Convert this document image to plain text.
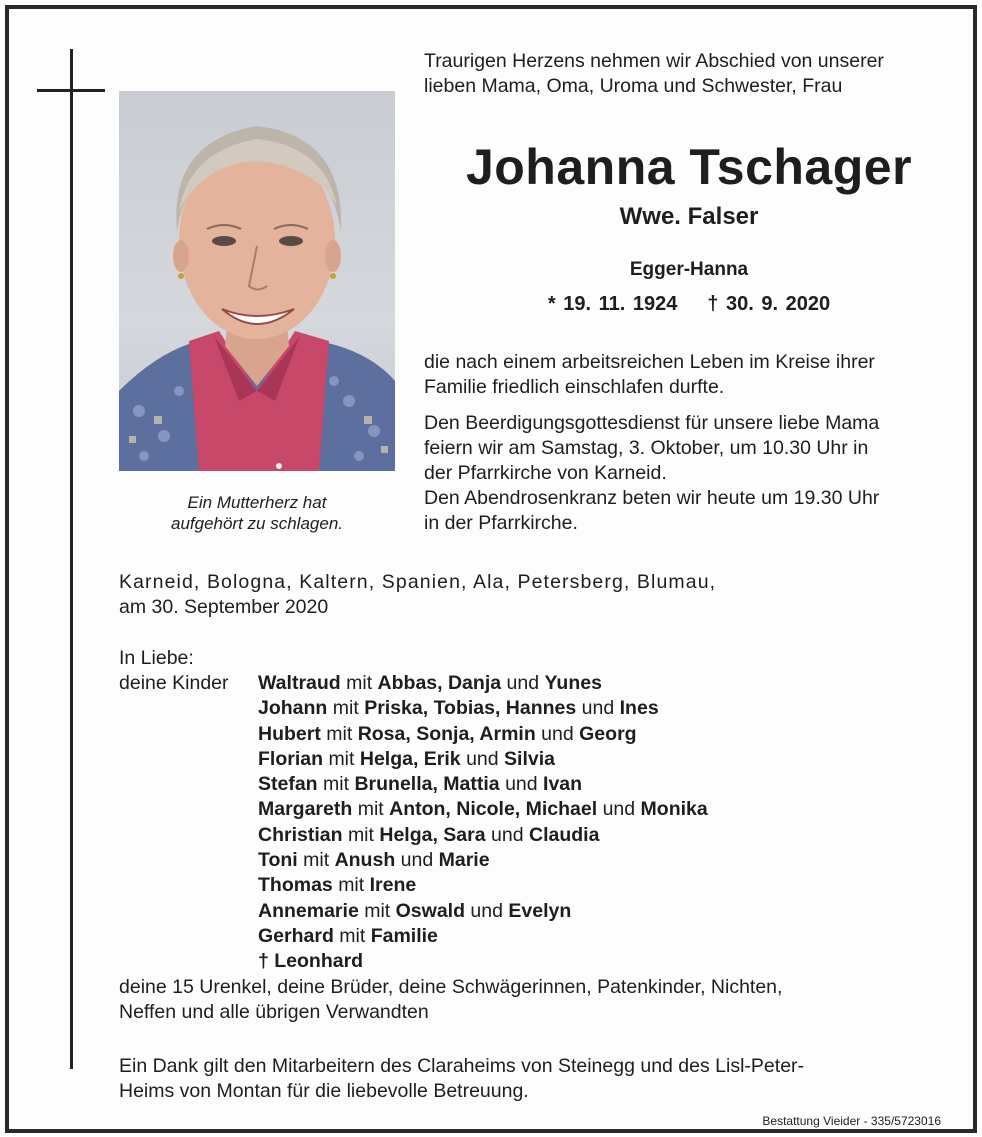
Ein Mutterherz hat
aufgehört zu schlagen.
Traurigen Herzens nehmen wir Abschied von unserer
lieben Mama, Oma, Uroma und Schwester, Frau
Johanna Tschager
Wwe. Falser
Egger-Hanna
* 19. 11. 1924 † 30. 9. 2020

die nach einem arbeitsreichen Leben im Kreise ihrer

Familie friedlich einschlafen durfte.

Den Beerdigungsgottesdienst für unsere liebe Mama

feiern wir am Samstag, 3. Oktober, um 10.30 Uhr in

der Pfarrkirche von Karneid.

Den Abendrosenkranz beten wir heute um 19.30 Uhr

in der Pfarrkirche.

Karneid, Bologna, Kaltern, Spanien, Ala, Petersberg, Blumau,
am 30. September 2020
In Liebe:
deine Kinder Waltraud mit Abbas, Danja und Yunes
Johann mit Priska, Tobias, Hannes und Ines
Hubert mit Rosa, Sonja, Armin und Georg
Florian mit Helga, Erik und Silvia
Stefan mit Brunella, Mattia und Ivan
Margareth mit Anton, Nicole, Michael und Monika
Christian mit Helga, Sara und Claudia
Toni mit Anush und Marie
Thomas mit Irene
Annemarie mit Oswald und Evelyn
Gerhard mit Familie
† Leonhard
deine 15 Urenkel, deine Brüder, deine Schwägerinnen, Patenkinder, Nichten,
Neffen und alle übrigen Verwandten
Ein Dank gilt den Mitarbeitern des Claraheims von Steinegg und des Lisl-Peter-
Heims von Montan für die liebevolle Betreuung.
Bestattung Vieider - 335/5723016
